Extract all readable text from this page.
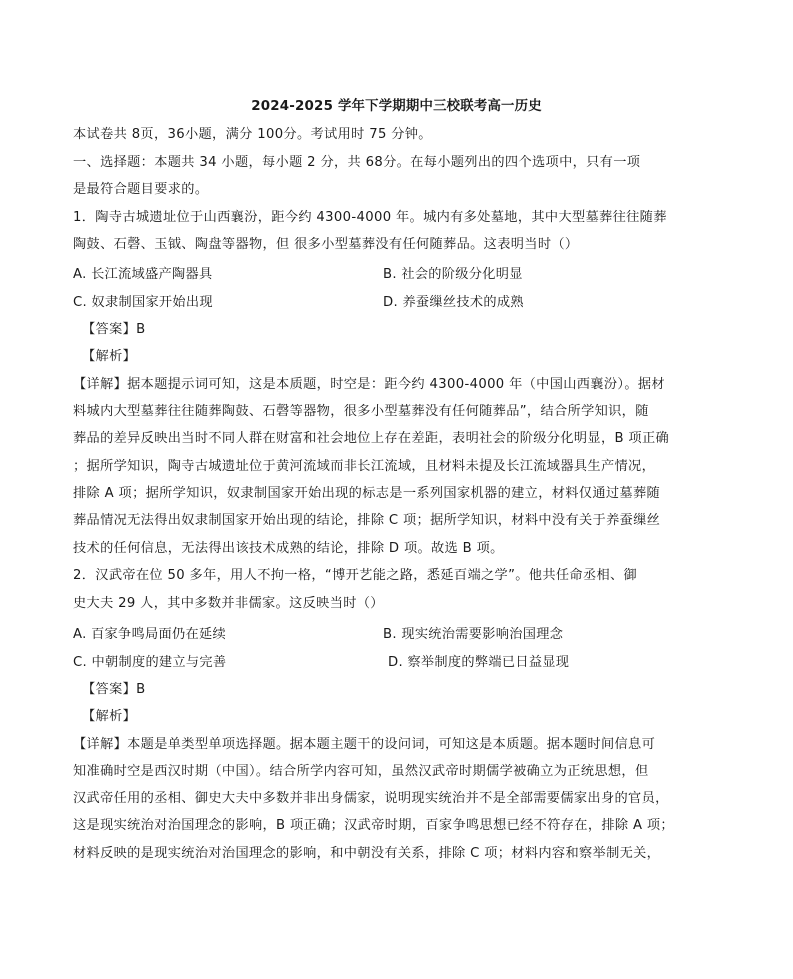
2024-2025 学年下学期期中三校联考高一历史
本试卷共 8页，36小题，满分 100分。考试用时 75 分钟。
一、选择题：本题共 34 小题，每小题 2 分，共 68分。在每小题列出的四个选项中，只有一项
是最符合题目要求的。
1．陶寺古城遗址位于山西襄汾，距今约 4300-4000 年。城内有多处墓地，其中大型墓葬往往随葬
陶鼓、石磬、玉钺、陶盘等器物，但 很多小型墓葬没有任何随葬品。这表明当时（）
A. 长江流域盛产陶器具	B. 社会的阶级分化明显
C. 奴隶制国家开始出现	D. 养蚕缫丝技术的成熟
【答案】B
【解析】
【详解】据本题提示词可知，这是本质题，时空是：距今约 4300-4000 年（中国山西襄汾）。据材
料城内大型墓葬往往随葬陶鼓、石磬等器物，很多小型墓葬没有任何随葬品”，结合所学知识，随
葬品的差异反映出当时不同人群在财富和社会地位上存在差距，表明社会的阶级分化明显，B 项正确
；据所学知识，陶寺古城遗址位于黄河流域而非长江流域，且材料未提及长江流域器具生产情况，
排除 A 项；据所学知识，奴隶制国家开始出现的标志是一系列国家机器的建立，材料仅通过墓葬随
葬品情况无法得出奴隶制国家开始出现的结论，排除 C 项；据所学知识，材料中没有关于养蚕缫丝
技术的任何信息，无法得出该技术成熟的结论，排除 D 项。故选 B 项。
2．汉武帝在位 50 多年，用人不拘一格，“博开艺能之路，悉延百端之学”。他共任命丞相、御
史大夫 29 人，其中多数并非儒家。这反映当时（）
A. 百家争鸣局面仍在延续	B. 现实统治需要影响治国理念
C. 中朝制度的建立与完善	D. 察举制度的弊端已日益显现
【答案】B
【解析】
【详解】本题是单类型单项选择题。据本题主题干的设问词，可知这是本质题。据本题时间信息可
知准确时空是西汉时期（中国）。结合所学内容可知，虽然汉武帝时期儒学被确立为正统思想，但
汉武帝任用的丞相、御史大夫中多数并非出身儒家，说明现实统治并不是全部需要儒家出身的官员，
这是现实统治对治国理念的影响，B 项正确；汉武帝时期，百家争鸣思想已经不符存在，排除 A 项；
材料反映的是现实统治对治国理念的影响，和中朝没有关系，排除 C 项；材料内容和察举制无关，
